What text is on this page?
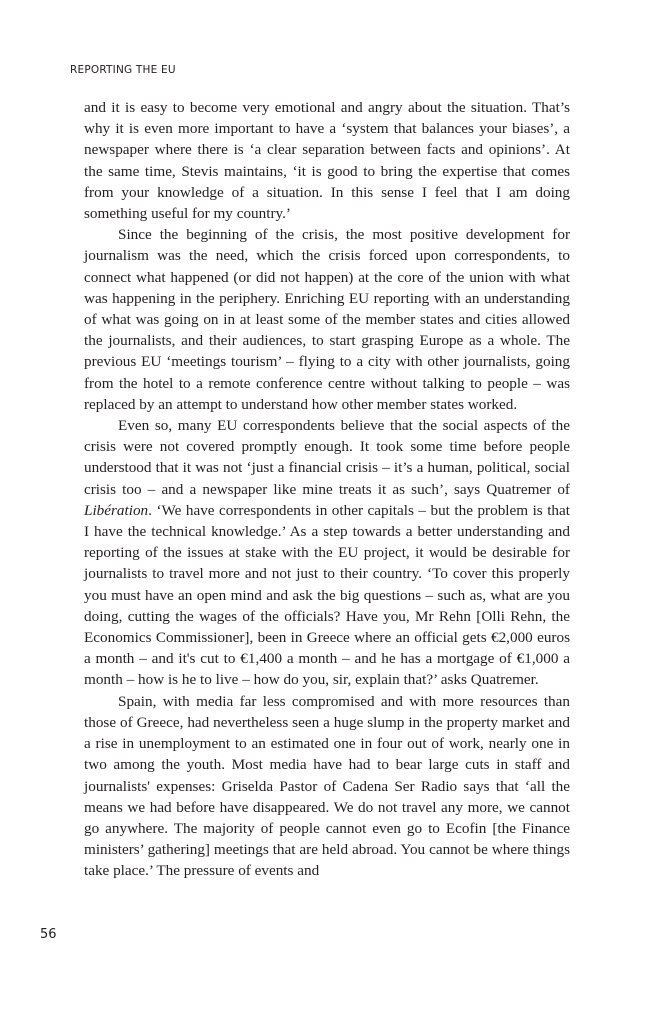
REPORTING THE EU

and it is easy to become very emotional and angry about the situation. That’s why it is even more important to have a ‘system that balances your biases’, a newspaper where there is ‘a clear separation between facts and opinions’. At the same time, Stevis maintains, ‘it is good to bring the expertise that comes from your knowledge of a situation. In this sense I feel that I am doing something useful for my country.’

Since the beginning of the crisis, the most positive development for journalism was the need, which the crisis forced upon correspondents, to connect what happened (or did not happen) at the core of the union with what was happening in the periphery. Enriching EU reporting with an understanding of what was going on in at least some of the member states and cities allowed the journalists, and their audiences, to start grasping Europe as a whole. The previous EU ‘meetings tourism’ – flying to a city with other journalists, going from the hotel to a remote conference centre without talking to people – was replaced by an attempt to understand how other member states worked.

Even so, many EU correspondents believe that the social aspects of the crisis were not covered promptly enough. It took some time before people understood that it was not ‘just a financial crisis – it’s a human, political, social crisis too – and a newspaper like mine treats it as such’, says Quatremer of Libération. ‘We have correspondents in other capitals – but the problem is that I have the technical knowledge.’ As a step towards a better understanding and reporting of the issues at stake with the EU project, it would be desirable for journalists to travel more and not just to their country. ‘To cover this properly you must have an open mind and ask the big questions – such as, what are you doing, cutting the wages of the officials? Have you, Mr Rehn [Olli Rehn, the Economics Commissioner], been in Greece where an official gets €2,000 euros a month – and it's cut to €1,400 a month – and he has a mortgage of €1,000 a month – how is he to live – how do you, sir, explain that?’ asks Quatremer.

Spain, with media far less compromised and with more resources than those of Greece, had nevertheless seen a huge slump in the property market and a rise in unemployment to an estimated one in four out of work, nearly one in two among the youth. Most media have had to bear large cuts in staff and journalists' expenses: Griselda Pastor of Cadena Ser Radio says that ‘all the means we had before have disappeared. We do not travel any more, we cannot go anywhere. The majority of people cannot even go to Ecofin [the Finance ministers’ gathering] meetings that are held abroad. You cannot be where things take place.’ The pressure of events and

56
